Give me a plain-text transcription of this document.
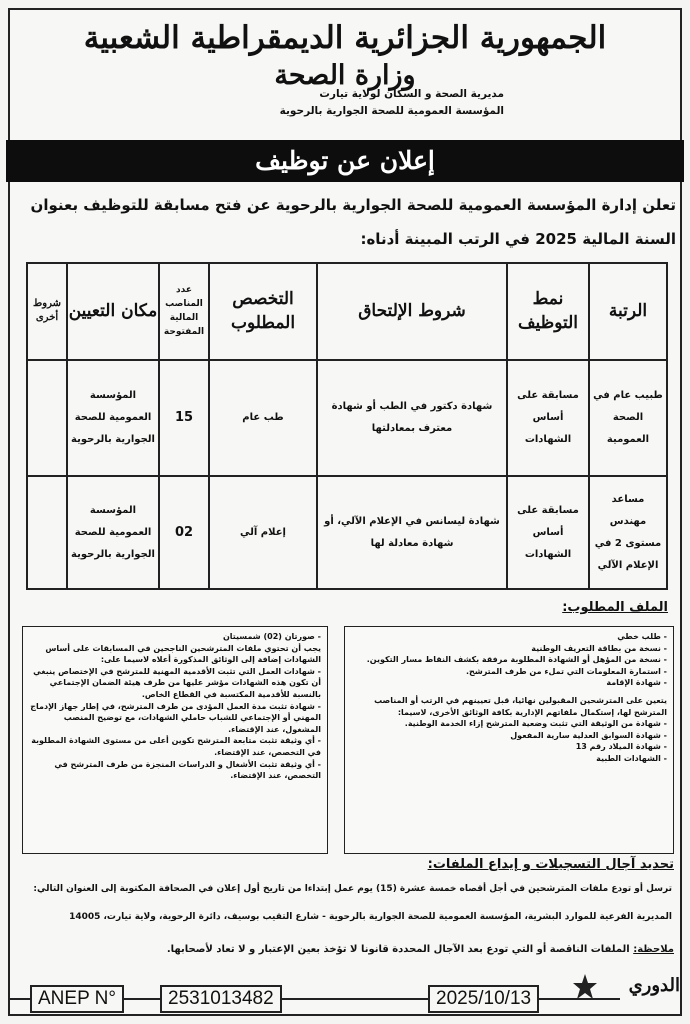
الجمهورية الجزائرية الديمقراطية الشعبية
وزارة الصحة
مديرية الصحة و السكان لولاية تيارت
المؤسسة العمومية للصحة الجوارية بالرحوية
إعلان عن توظيف
تعلن إدارة المؤسسة العمومية للصحة الجوارية بالرحوية عن فتح مسابقة للتوظيف بعنوان
السنة المالية 2025 في الرتب المبينة أدناه:
الرتبة	نمط التوظيف	شروط الإلتحاق	التخصص المطلوب	عدد المناصب المالية المفتوحة	مكان التعيين	شروط أخرى
طبيب عام في الصحة العمومية	مسابقة على أساس الشهادات	شهادة دكتور في الطب أو شهادة معترف بمعادلتها	طب عام	15	المؤسسة العمومية للصحة الجوارية بالرحوية	
مساعد مهندس مستوى 2 في الإعلام الآلي	مسابقة على أساس الشهادات	شهادة ليسانس في الإعلام الآلي، أو شهادة معادلة لها	إعلام آلي	02	المؤسسة العمومية للصحة الجوارية بالرحوية	
الملف المطلوب:
- طلب خطي
- نسخة من بطاقة التعريف الوطنية
- نسخة من المؤهل أو الشهادة المطلوبة مرفقة بكشف النقاط مسار التكوين.
- استمارة المعلومات التي تملء من طرف المترشح.
- شهادة الإقامة
يتعين على المترشحين المقبولين نهائيا، قبل تعيينهم في الرتب أو المناصب المترشح لها، إستكمال ملفاتهم الإدارية بكافة الوثائق الأخرى، لاسيما:
- شهادة من الوثيقة التي تثبت وضعية المترشح إزاء الخدمة الوطنية.
- شهادة السوابق العدلية سارية المفعول
- شهادة الميلاد رقم 13
- الشهادات الطبية
- صورتان (02) شمسيتان
يجب أن تحتوي ملفات المترشحين الناجحين في المسابقات على أساس الشهادات إضافة إلى الوثائق المذكورة أعلاه لاسيما على:
- شهادات العمل التي تثبت الأقدمية المهنية للمترشح في الإختصاص ينبغي أن تكون هذه الشهادات مؤشر عليها من طرف هيئة الضمان الإجتماعي بالنسبة للأقدمية المكتسبة في القطاع الخاص.
- شهادة تثبت مدة العمل المؤدى من طرف المترشح، في إطار جهاز الإدماج المهني أو الإجتماعي للشباب حاملي الشهادات، مع توضيح المنصب المشغول، عند الإقتضاء.
- أي وثيقة تثبت متابعة المترشح تكوين أعلى من مستوى الشهادة المطلوبة في التخصص، عند الإقتضاء.
- أي وثيقة تثبت الأشغال و الدراسات المنجزة من طرف المترشح في التخصص، عند الإقتضاء.
تحديد آجال التسجيلات و إيداع الملفات:
ترسل أو تودع ملفات المترشحين في أجل أقصاه خمسة عشرة (15) يوم عمل إبتداءا من تاريخ أول إعلان في الصحافة المكتوبة إلى العنوان التالي:
المديرية الفرعية للموارد البشرية، المؤسسة العمومية للصحة الجوارية بالرحوية - شارع التقيب بوسيف، دائرة الرحوية، ولاية تيارت، 14005
ملاحظة: الملفات الناقصة أو التي تودع بعد الآجال المحددة قانونا لا تؤخذ بعين الإعتبار و لا تعاد لأصحابها.
ANEP N°	2531013482	2025/10/13
الدوري
